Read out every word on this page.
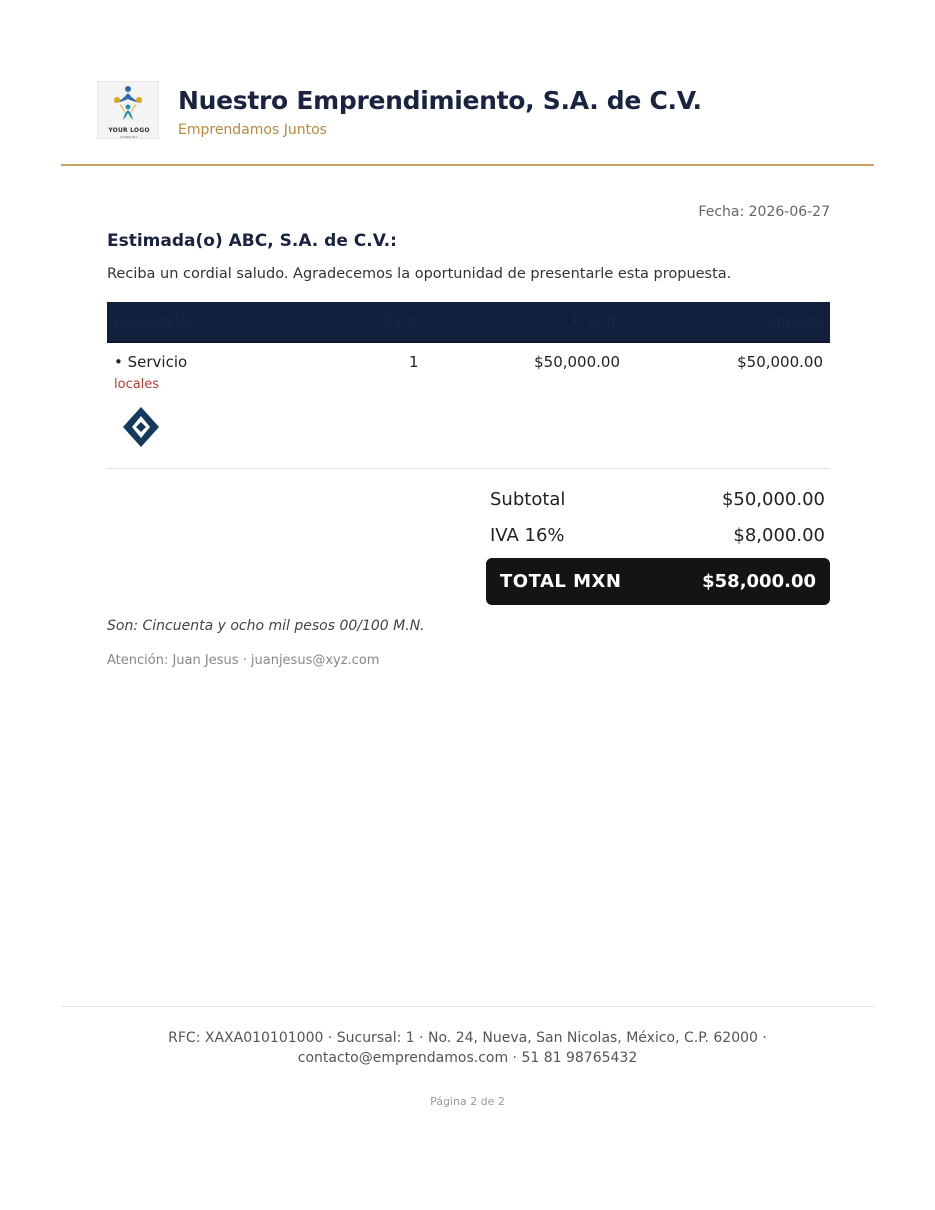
YOUR LOGO
COMPANY
Nuestro Emprendimiento, S.A. de C.V.
Emprendamos Juntos
Fecha: 2026-06-27
Estimada(o) ABC, S.A. de C.V.:
Reciba un cordial saludo. Agradecemos la oportunidad de presentarle esta propuesta.
Descripción	Cant	P. Unit	Importe
• Servicio	1	$50,000.00	$50,000.00
locales
Subtotal	$50,000.00
IVA 16%	$8,000.00
TOTAL MXN	$58,000.00
Son: Cincuenta y ocho mil pesos 00/100 M.N.
Atención: Juan Jesus · juanjesus@xyz.com
RFC: XAXA010101000 · Sucursal: 1 · No. 24, Nueva, San Nicolas, México, C.P. 62000 · contacto@emprendamos.com · 51 81 98765432
Página 2 de 2
